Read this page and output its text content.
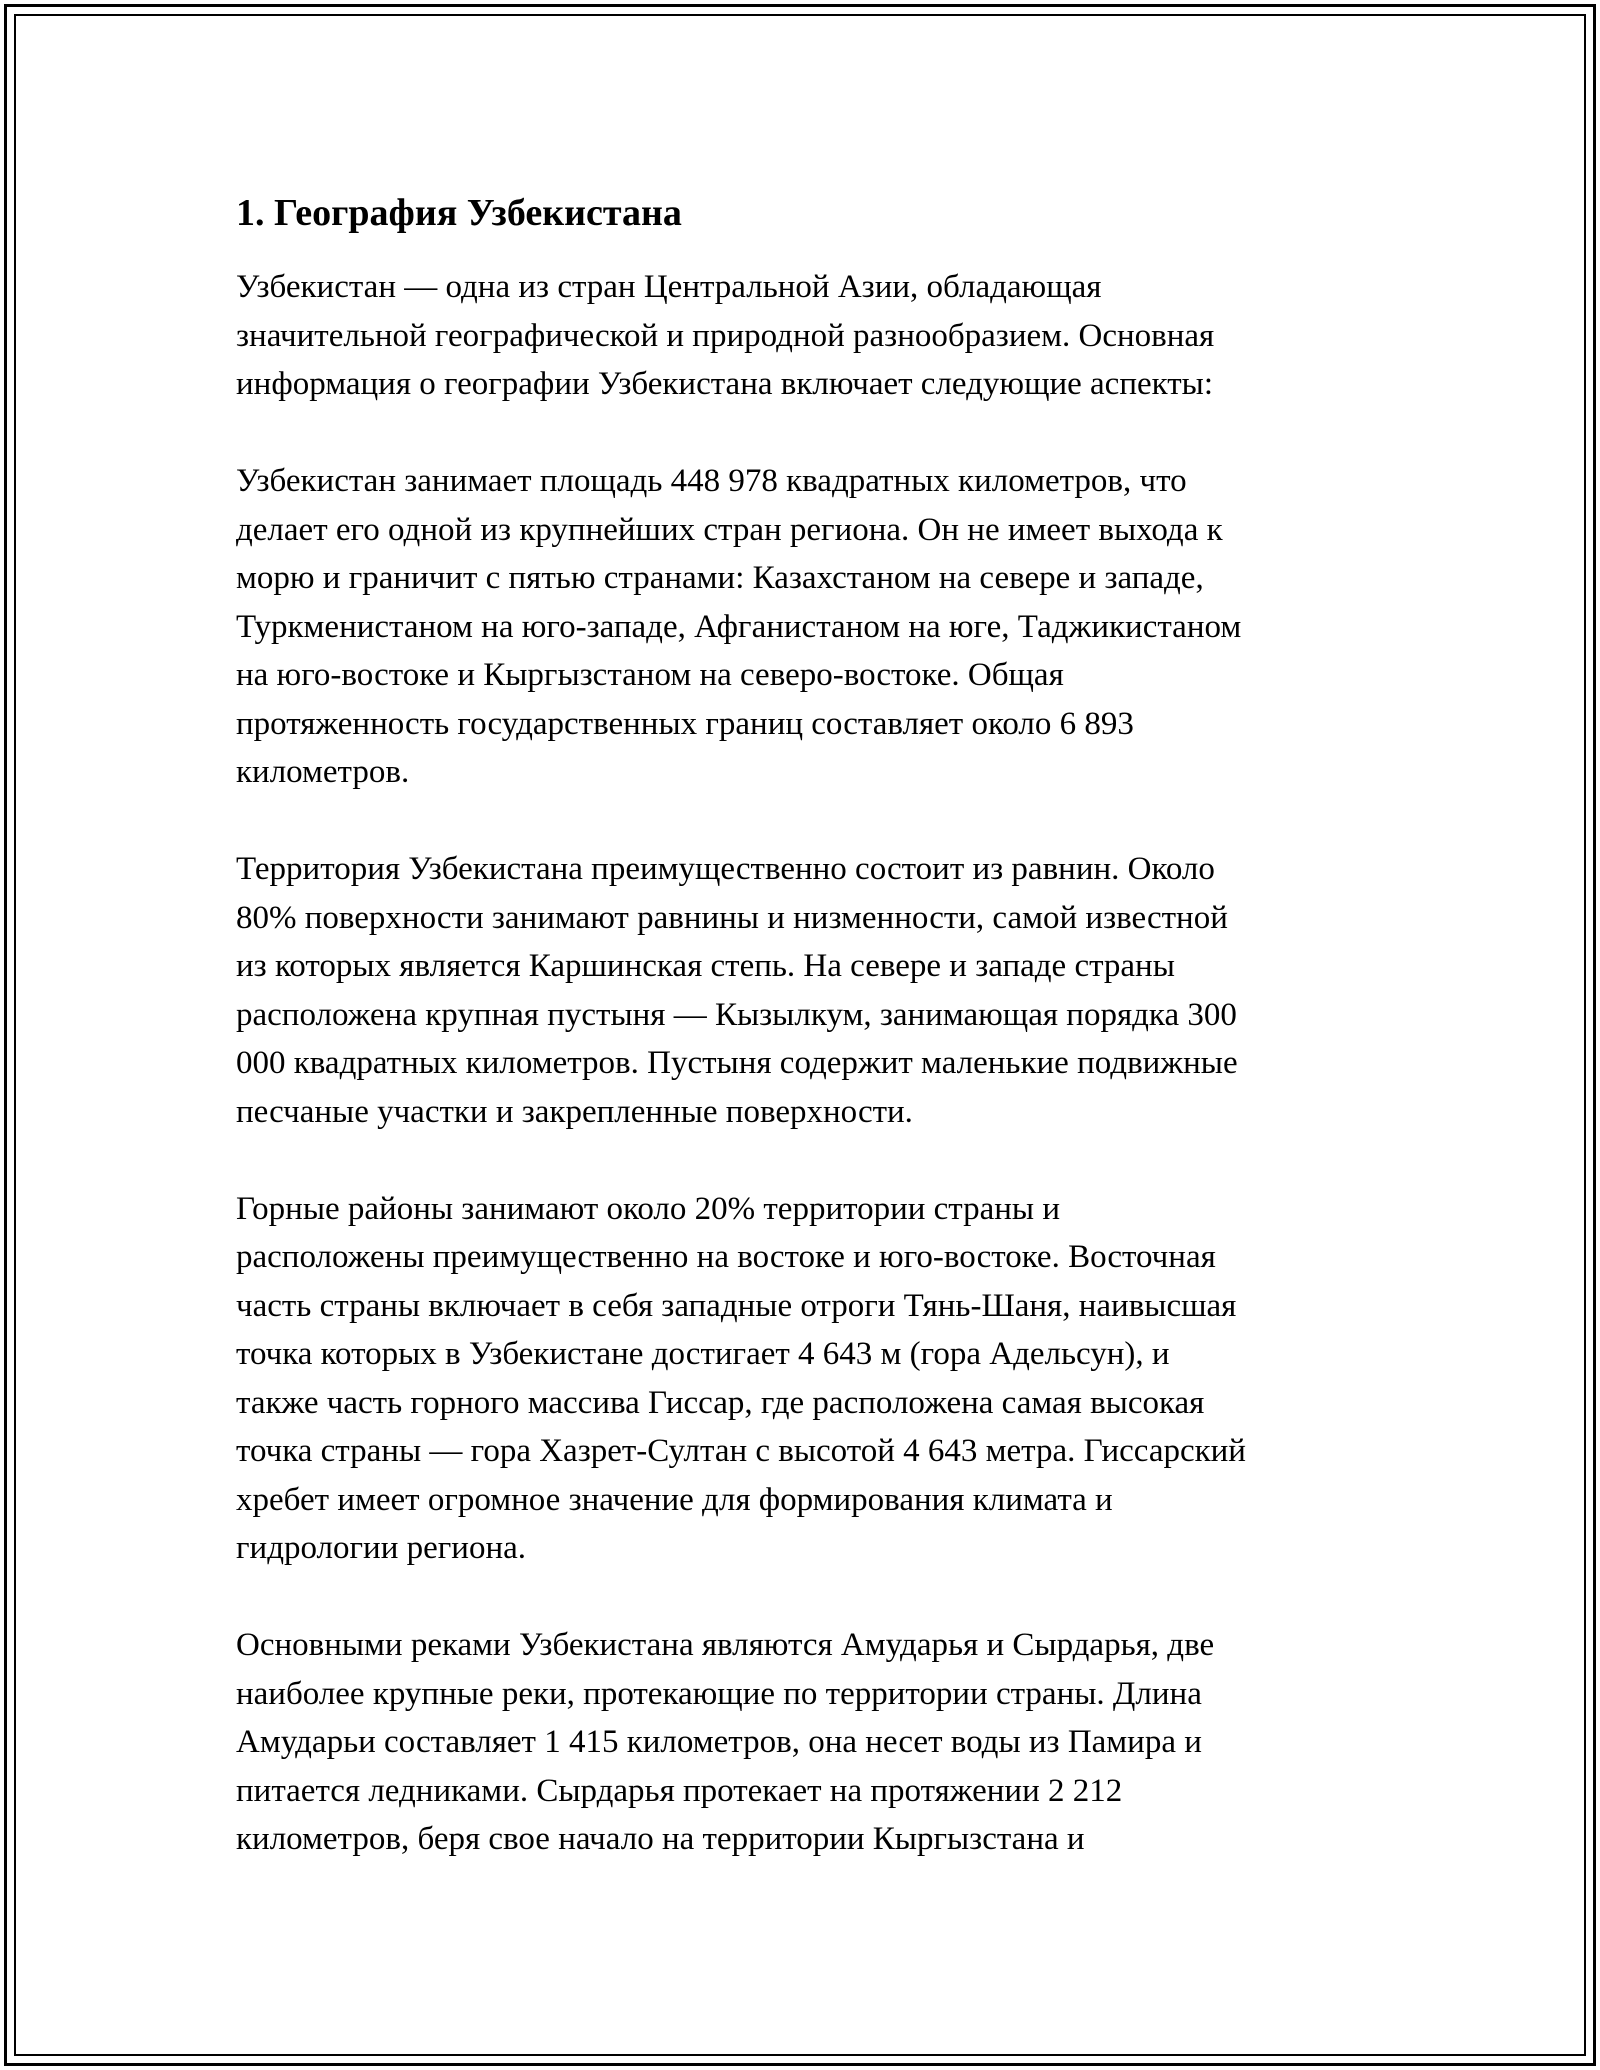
1. География Узбекистана

Узбекистан — одна из стран Центральной Азии, обладающая
значительной географической и природной разнообразием. Основная
информация о географии Узбекистана включает следующие аспекты:

Узбекистан занимает площадь 448 978 квадратных километров, что
делает его одной из крупнейших стран региона. Он не имеет выхода к
морю и граничит с пятью странами: Казахстаном на севере и западе,
Туркменистаном на юго-западе, Афганистаном на юге, Таджикистаном
на юго-востоке и Кыргызстаном на северо-востоке. Общая
протяженность государственных границ составляет около 6 893
километров.

Территория Узбекистана преимущественно состоит из равнин. Около
80% поверхности занимают равнины и низменности, самой известной
из которых является Каршинская степь. На севере и западе страны
расположена крупная пустыня — Кызылкум, занимающая порядка 300
000 квадратных километров. Пустыня содержит маленькие подвижные
песчаные участки и закрепленные поверхности.

Горные районы занимают около 20% территории страны и
расположены преимущественно на востоке и юго-востоке. Восточная
часть страны включает в себя западные отроги Тянь-Шаня, наивысшая
точка которых в Узбекистане достигает 4 643 м (гора Адельсун), и
также часть горного массива Гиссар, где расположена самая высокая
точка страны — гора Хазрет-Султан с высотой 4 643 метра. Гиссарский
хребет имеет огромное значение для формирования климата и
гидрологии региона.

Основными реками Узбекистана являются Амударья и Сырдарья, две
наиболее крупные реки, протекающие по территории страны. Длина
Амударьи составляет 1 415 километров, она несет воды из Памира и
питается ледниками. Сырдарья протекает на протяжении 2 212
километров, беря свое начало на территории Кыргызстана и
